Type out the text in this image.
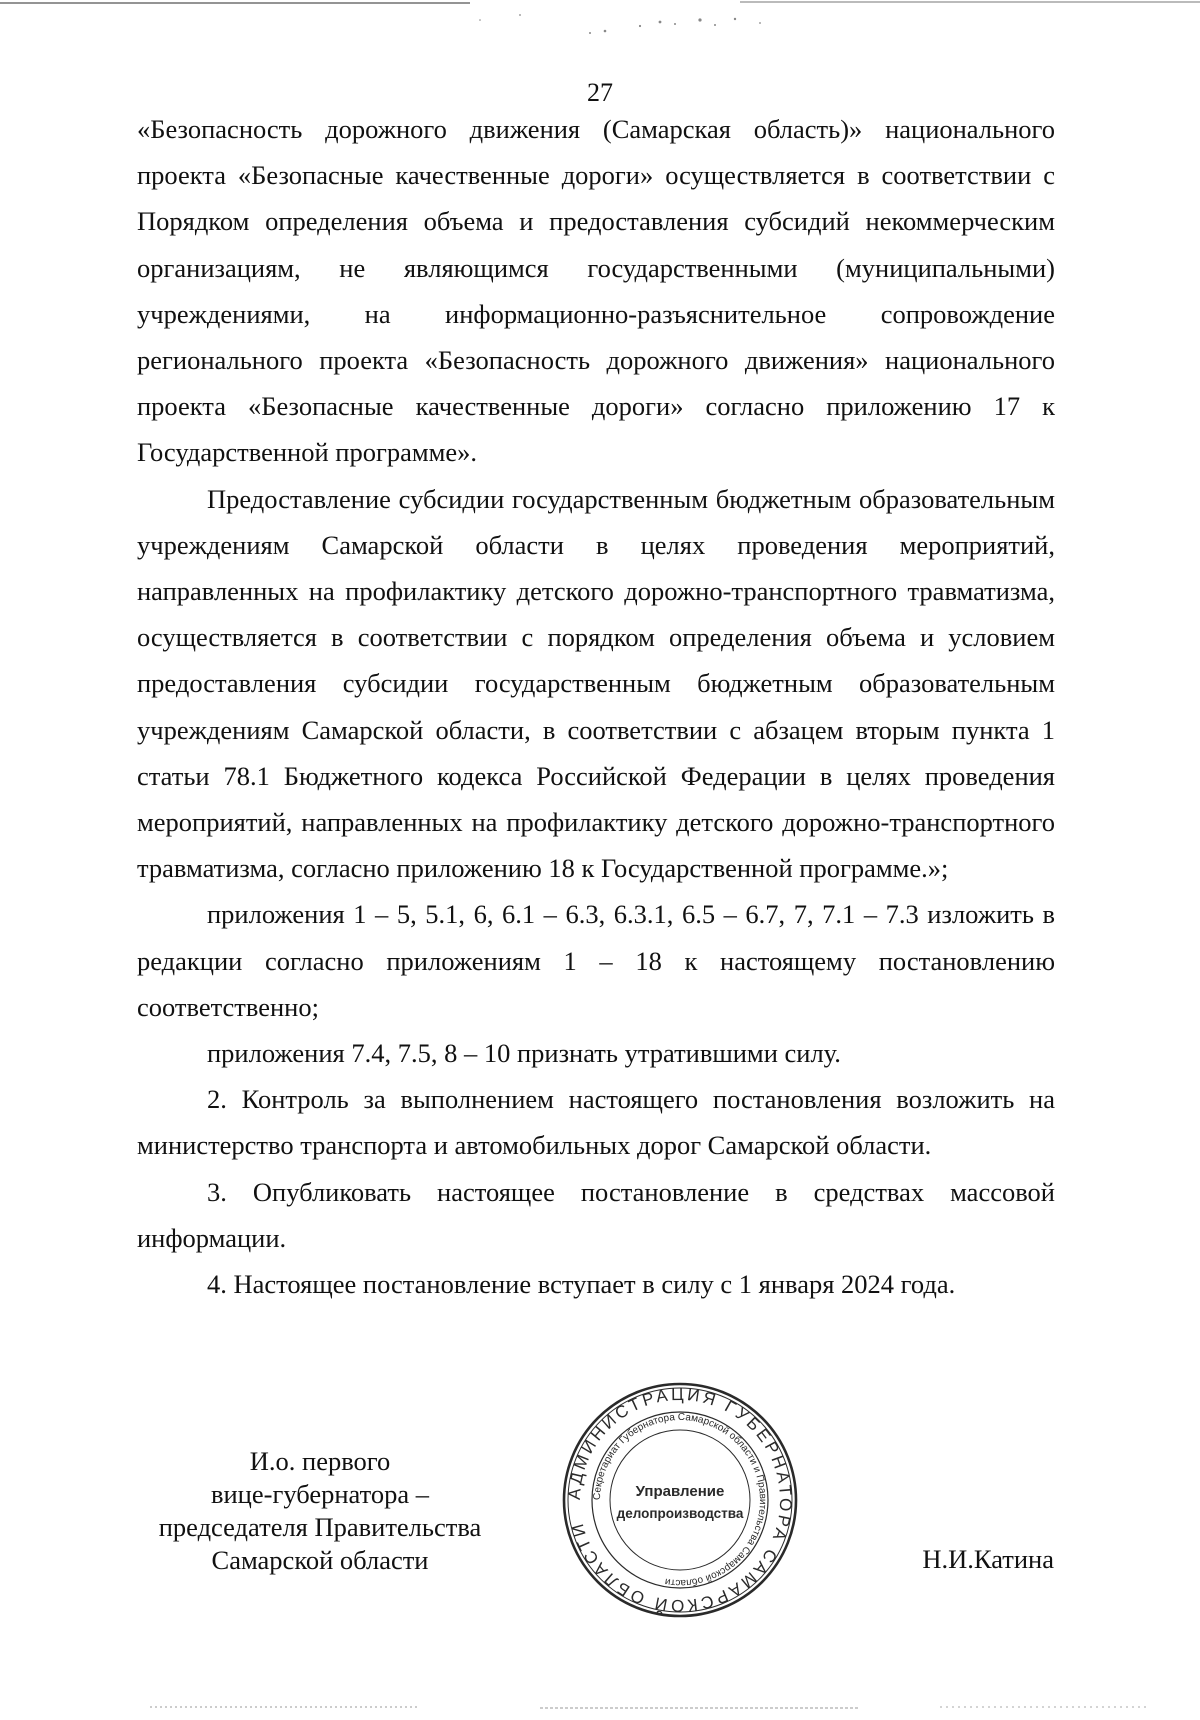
27

«Безопасность дорожного движения (Самарская область)» национального проекта «Безопасные качественные дороги» осуществляется в соответствии с Порядком определения объема и предоставления субсидий некоммерческим организациям, не являющимся государственными (муниципальными) учреждениями, на информационно-разъяснительное сопровождение регионального проекта «Безопасность дорожного движения» национального проекта «Безопасные качественные дороги» согласно приложению 17 к Государственной программе».

Предоставление субсидии государственным бюджетным образовательным учреждениям Самарской области в целях проведения мероприятий, направленных на профилактику детского дорожно-транспортного травматизма, осуществляется в соответствии с порядком определения объема и условием предоставления субсидии государственным бюджетным образовательным учреждениям Самарской области, в соответствии с абзацем вторым пункта 1 статьи 78.1 Бюджетного кодекса Российской Федерации в целях проведения мероприятий, направленных на профилактику детского дорожно-транспортного травматизма, согласно приложению 18 к Государственной программе.»;

приложения 1 – 5, 5.1, 6, 6.1 – 6.3, 6.3.1, 6.5 – 6.7, 7, 7.1 – 7.3 изложить в редакции согласно приложениям 1 – 18 к настоящему постановлению соответственно;

приложения 7.4, 7.5, 8 – 10 признать утратившими силу.

2. Контроль за выполнением настоящего постановления возложить на министерство транспорта и автомобильных дорог Самарской области.

3. Опубликовать настоящее постановление в средствах массовой информации.

4. Настоящее постановление вступает в силу с 1 января 2024 года.

И.о. первого
вице-губернатора –
председателя Правительства
Самарской области
АДМИНИСТРАЦИЯ ГУБЕРНАТОРА САМАРСКОЙ ОБЛАСТИ
Секретариат Губернатора Самарской области и Правительства Самарской области
Управление
делопроизводства
Н.И.Катина
